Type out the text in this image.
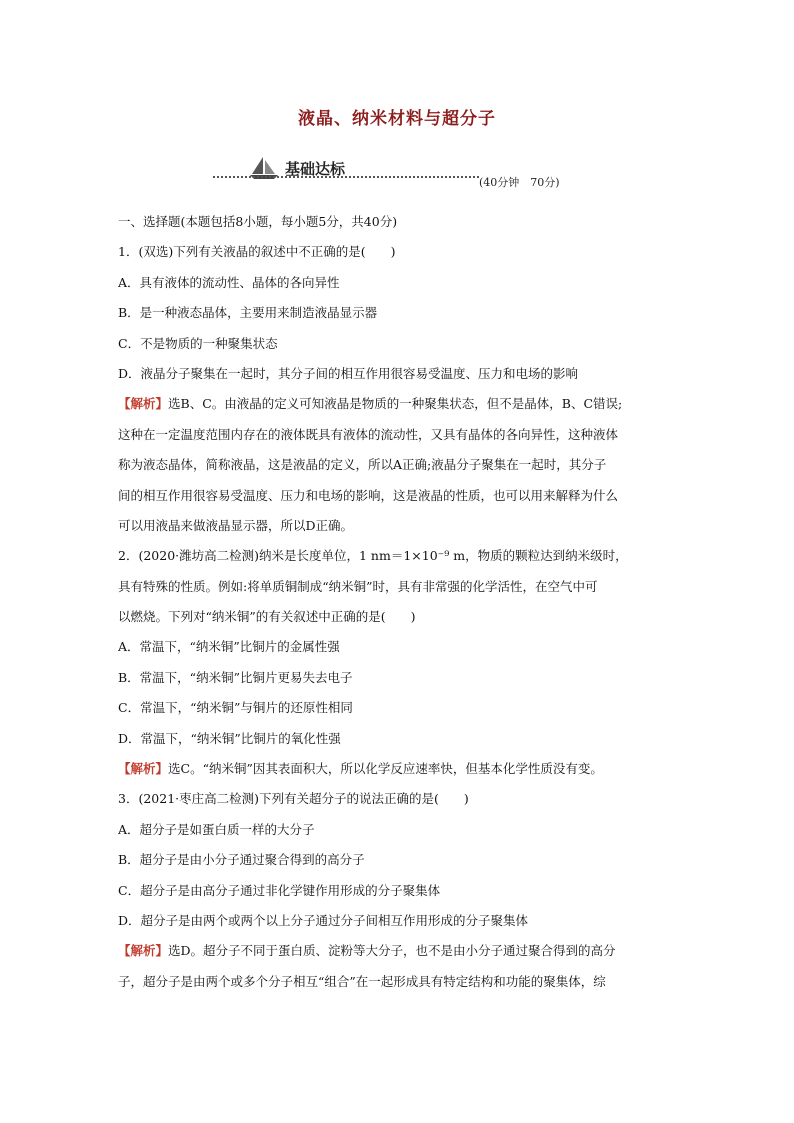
液晶、纳米材料与超分子
基础达标
(40分钟　70分)
一、选择题(本题包括8小题，每小题5分，共40分)
1．(双选)下列有关液晶的叙述中不正确的是(　　)
A．具有液体的流动性、晶体的各向异性
B．是一种液态晶体，主要用来制造液晶显示器
C．不是物质的一种聚集状态
D．液晶分子聚集在一起时，其分子间的相互作用很容易受温度、压力和电场的影响
【解析】选B、C。由液晶的定义可知液晶是物质的一种聚集状态，但不是晶体，B、C错误;
这种在一定温度范围内存在的液体既具有液体的流动性，又具有晶体的各向异性，这种液体
称为液态晶体，简称液晶，这是液晶的定义，所以A正确;液晶分子聚集在一起时，其分子
间的相互作用很容易受温度、压力和电场的影响，这是液晶的性质，也可以用来解释为什么
可以用液晶来做液晶显示器，所以D正确。
2．(2020·潍坊高二检测)纳米是长度单位，1 nm＝1×10⁻⁹ m，物质的颗粒达到纳米级时，
具有特殊的性质。例如:将单质铜制成“纳米铜”时，具有非常强的化学活性，在空气中可
以燃烧。下列对“纳米铜”的有关叙述中正确的是(　　)
A．常温下，“纳米铜”比铜片的金属性强
B．常温下，“纳米铜”比铜片更易失去电子
C．常温下，“纳米铜”与铜片的还原性相同
D．常温下，“纳米铜”比铜片的氧化性强
【解析】选C。“纳米铜”因其表面积大，所以化学反应速率快，但基本化学性质没有变。
3．(2021·枣庄高二检测)下列有关超分子的说法正确的是(　　)
A．超分子是如蛋白质一样的大分子
B．超分子是由小分子通过聚合得到的高分子
C．超分子是由高分子通过非化学键作用形成的分子聚集体
D．超分子是由两个或两个以上分子通过分子间相互作用形成的分子聚集体
【解析】选D。超分子不同于蛋白质、淀粉等大分子，也不是由小分子通过聚合得到的高分
子，超分子是由两个或多个分子相互“组合”在一起形成具有特定结构和功能的聚集体，综
